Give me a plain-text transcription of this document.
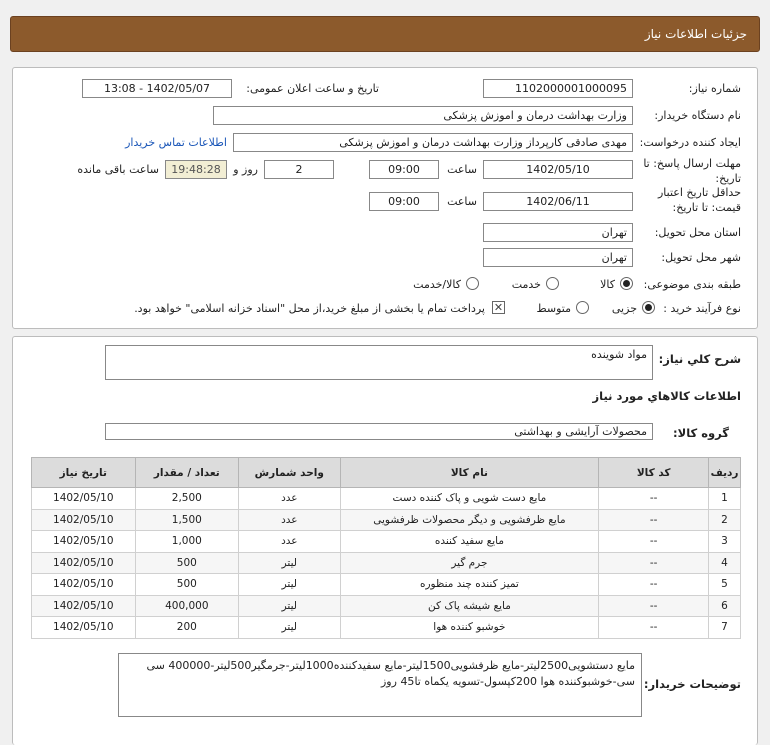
جزئیات اطلاعات نیاز
شماره نیاز:
1102000001000095
تاریخ و ساعت اعلان عمومی:
1402/05/07 - 13:08
نام دستگاه خریدار:
وزارت بهداشت درمان و اموزش پزشکی
ایجاد کننده درخواست:
مهدی صادقی کارپرداز وزارت بهداشت درمان و اموزش پزشکی
اطلاعات تماس خریدار
مهلت ارسال پاسخ: تا تاریخ:
1402/05/10
ساعت
09:00
2
روز و
19:48:28
ساعت باقی مانده
حداقل تاریخ اعتبار قیمت: تا تاریخ:
1402/06/11
ساعت
09:00
استان محل تحویل:
تهران
شهر محل تحویل:
تهران
طبقه بندی موضوعی:
کالا
خدمت
کالا/خدمت
نوع فرآیند خرید :
جزیی
متوسط
✕
پرداخت تمام یا بخشی از مبلغ خرید،از محل "اسناد خزانه اسلامی" خواهد بود.
شرح کلي نياز:
مواد شوینده
اطلاعات کالاهاي مورد نياز
گروه کالا:
محصولات آرایشی و بهداشتی
ردیف	کد کالا	نام کالا	واحد شمارش	تعداد / مقدار	تاریخ نیاز
1	--	مایع دست شویی و پاک کننده دست	عدد	2,500	1402/05/10
2	--	مایع ظرفشویی و دیگر محصولات ظرفشویی	عدد	1,500	1402/05/10
3	--	مایع سفید کننده	عدد	1,000	1402/05/10
4	--	جرم گیر	لیتر	500	1402/05/10
5	--	تمیز کننده چند منظوره	لیتر	500	1402/05/10
6	--	مایع شیشه پاک کن	لیتر	400,000	1402/05/10
7	--	خوشبو کننده هوا	لیتر	200	1402/05/10
توضیحات خریدار:
مایع دستشویی2500لیتر-مایع ظرفشویی1500لیتر-مایع سفیدکننده1000لیتر-جرمگیر500لیتر-400000 سی سی-خوشبوکننده هوا 200کپسول-تسویه یکماه تا45 روز
